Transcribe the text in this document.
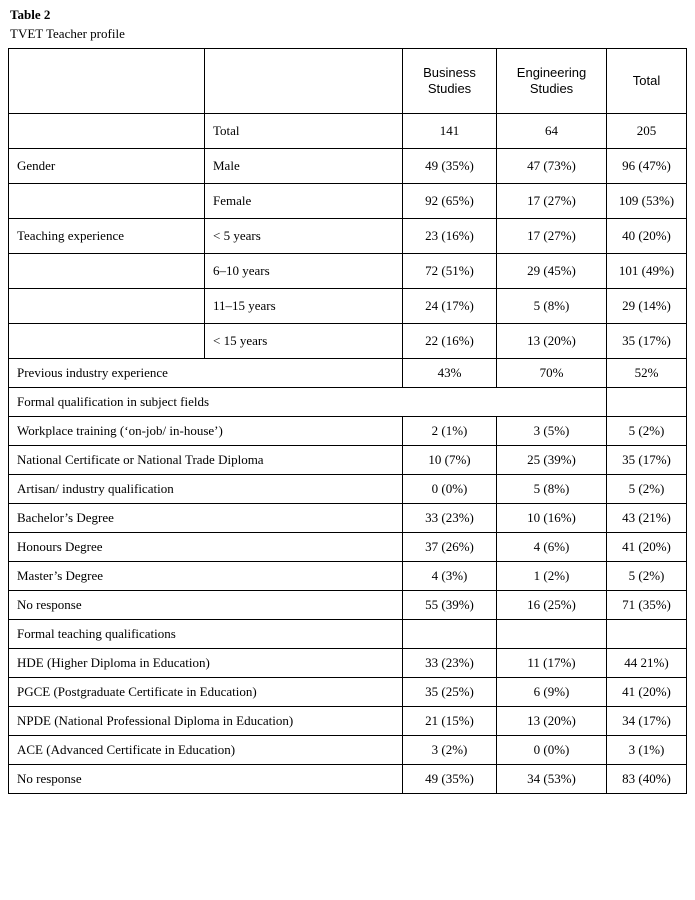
Table 2
TVET Teacher profile
		Business Studies	Engineering Studies	Total
	Total	141	64	205
Gender	Male	49 (35%)	47 (73%)	96 (47%)
	Female	92 (65%)	17 (27%)	109 (53%)
Teaching experience	< 5 years	23 (16%)	17 (27%)	40 (20%)
	6–10 years	72 (51%)	29 (45%)	101 (49%)
	11–15 years	24 (17%)	5 (8%)	29 (14%)
	< 15 years	22 (16%)	13 (20%)	35 (17%)
Previous industry experience		43%	70%	52%
Formal qualification in subject fields				
Workplace training (‘on-job/ in-house’)		2 (1%)	3 (5%)	5 (2%)
National Certificate or National Trade Diploma		10 (7%)	25 (39%)	35 (17%)
Artisan/ industry qualification		0 (0%)	5 (8%)	5 (2%)
Bachelor’s Degree		33 (23%)	10 (16%)	43 (21%)
Honours Degree		37 (26%)	4 (6%)	41 (20%)
Master’s Degree		4 (3%)	1 (2%)	5 (2%)
No response		55 (39%)	16 (25%)	71 (35%)
Formal teaching qualifications				
HDE (Higher Diploma in Education)		33 (23%)	11 (17%)	44 21%)
PGCE (Postgraduate Certificate in Education)		35 (25%)	6 (9%)	41 (20%)
NPDE (National Professional Diploma in Education)		21 (15%)	13 (20%)	34 (17%)
ACE (Advanced Certificate in Education)		3 (2%)	0 (0%)	3 (1%)
No response		49 (35%)	34 (53%)	83 (40%)
